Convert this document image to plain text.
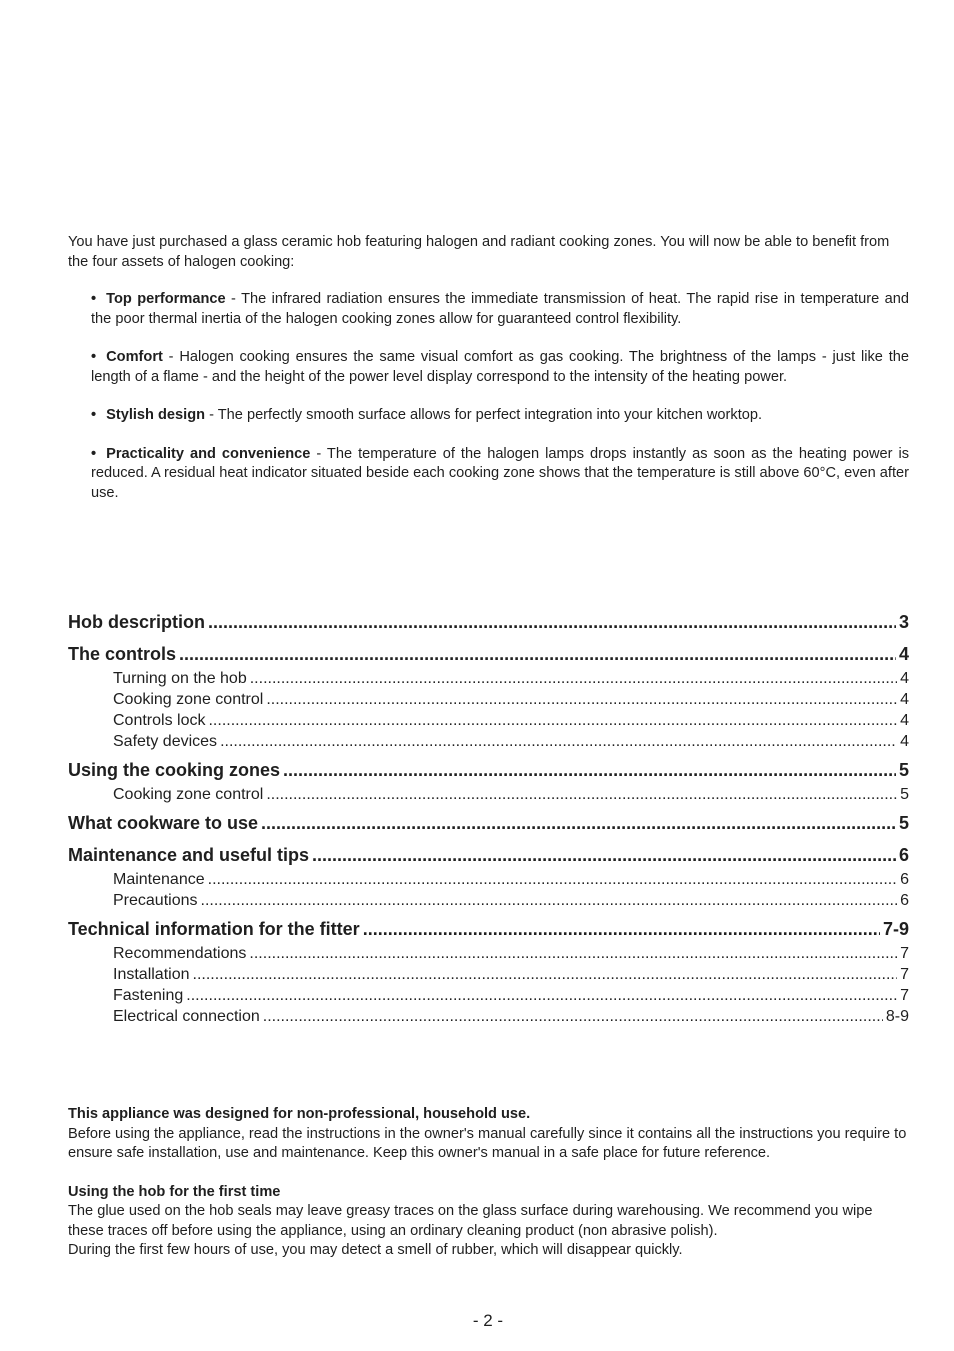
You have just purchased a glass ceramic hob featuring halogen and radiant cooking zones. You will now be able to benefit from the four assets of halogen cooking:

• Top performance - The infrared radiation ensures the immediate transmission of heat. The rapid rise in temperature and the poor thermal inertia of the halogen cooking zones allow for guaranteed control flexibility.
• Comfort - Halogen cooking ensures the same visual comfort as gas cooking. The brightness of the lamps - just like the length of a flame - and the height of the power level display correspond to the intensity of the heating power.
• Stylish design - The perfectly smooth surface allows for perfect integration into your kitchen worktop.
• Practicality and convenience - The temperature of the halogen lamps drops instantly as soon as the heating power is reduced. A residual heat indicator situated beside each cooking zone shows that the temperature is still above 60°C, even after use.
Hob description .....	3
The controls .....	4
Turning on the hob .....	4
Cooking zone control .....	4
Controls lock .....	4
Safety devices .....	4
Using the cooking zones .....	5
Cooking zone control .....	5
What cookware to use .....	5
Maintenance and useful tips .....	6
Maintenance .....	6
Precautions .....	6
Technical information for the fitter .....	7-9
Recommendations .....	7
Installation .....	7
Fastening .....	7
Electrical connection .....	8-9

This appliance was designed for non-professional, household use.

Before using the appliance, read the instructions in the owner's manual carefully since it contains all the instructions you require to ensure safe installation, use and maintenance. Keep this owner's manual in a safe place for future reference.

Using the hob for the first time

The glue used on the hob seals may leave greasy traces on the glass surface during warehousing. We recommend you wipe these traces off before using the appliance, using an ordinary cleaning product (non abrasive polish).

During the first few hours of use, you may detect a smell of rubber, which will disappear quickly.

- 2 -
